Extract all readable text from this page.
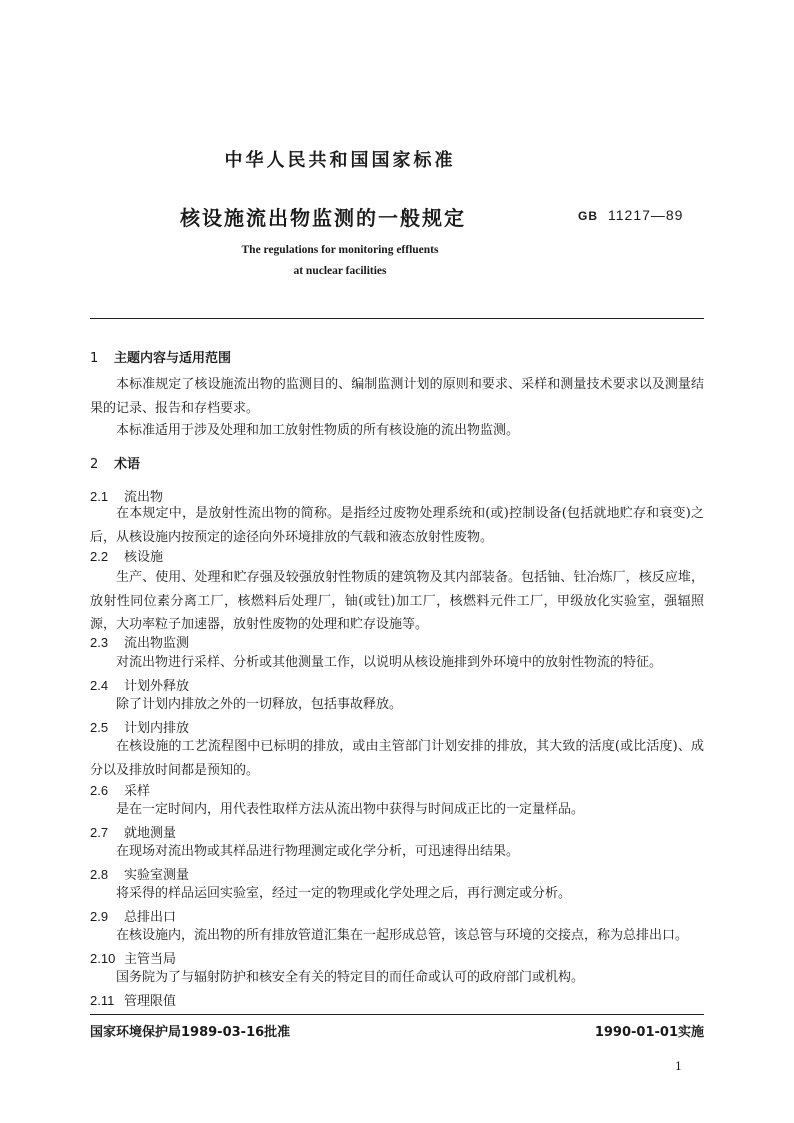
中华人民共和国国家标准
核设施流出物监测的一般规定	GB 11217—89
The regulations for monitoring effluents
at nuclear facilities
1 主题内容与适用范围
本标准规定了核设施流出物的监测目的、编制监测计划的原则和要求、采样和测量技术要求以及测量结果的记录、报告和存档要求。
本标准适用于涉及处理和加工放射性物质的所有核设施的流出物监测。
2 术语
2.1 流出物
在本规定中，是放射性流出物的简称。是指经过废物处理系统和(或)控制设备(包括就地贮存和衰变)之后，从核设施内按预定的途径向外环境排放的气载和液态放射性废物。
2.2 核设施
生产、使用、处理和贮存强及较强放射性物质的建筑物及其内部装备。包括铀、钍冶炼厂，核反应堆，放射性同位素分离工厂，核燃料后处理厂，铀(或钍)加工厂，核燃料元件工厂，甲级放化实验室，强辐照源，大功率粒子加速器，放射性废物的处理和贮存设施等。
2.3 流出物监测
对流出物进行采样、分析或其他测量工作，以说明从核设施排到外环境中的放射性物流的特征。
2.4 计划外释放
除了计划内排放之外的一切释放，包括事故释放。
2.5 计划内排放
在核设施的工艺流程图中已标明的排放，或由主管部门计划安排的排放，其大致的活度(或比活度)、成分以及排放时间都是预知的。
2.6 采样
是在一定时间内，用代表性取样方法从流出物中获得与时间成正比的一定量样品。
2.7 就地测量
在现场对流出物或其样品进行物理测定或化学分析，可迅速得出结果。
2.8 实验室测量
将采得的样品运回实验室，经过一定的物理或化学处理之后，再行测定或分析。
2.9 总排出口
在核设施内，流出物的所有排放管道汇集在一起形成总管，该总管与环境的交接点，称为总排出口。
2.10 主管当局
国务院为了与辐射防护和核安全有关的特定目的而任命或认可的政府部门或机构。
2.11 管理限值
国家环境保护局1989-03-16批准	1990-01-01实施
1
